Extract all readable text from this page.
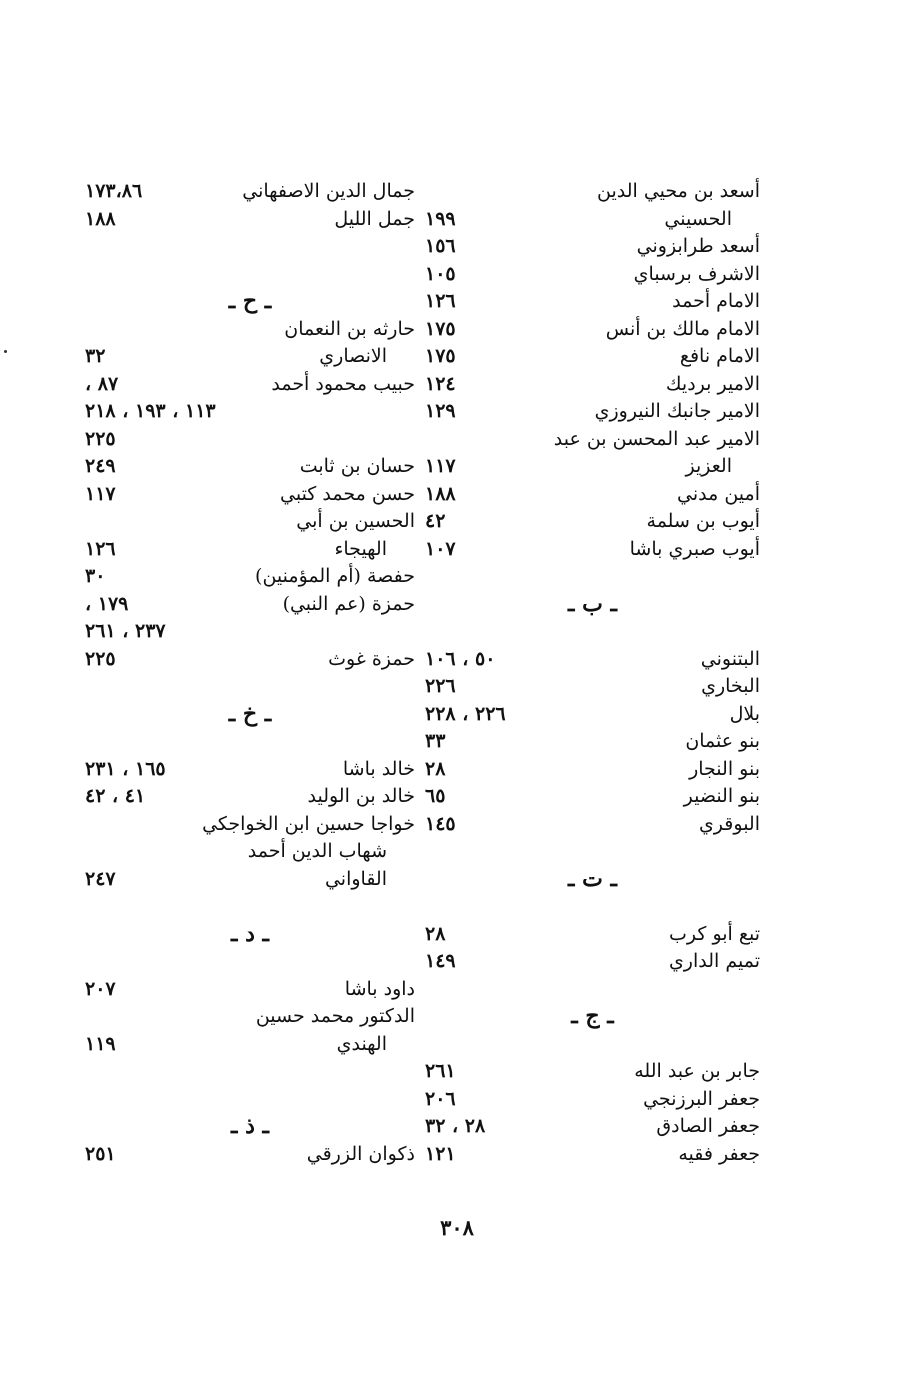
أسعد بن محيي الدين
الحسيني
١٩٩
أسعد طرابزوني
١٥٦
الاشرف برسباي
١٠٥
الامام أحمد
١٢٦
الامام مالك بن أنس
١٧٥
الامام نافع
١٧٥
الامير برديك
١٢٤
الامير جانبك النيروزي
١٢٩
الامير عبد المحسن بن عبد
العزيز
١١٧
أمين مدني
١٨٨
أيوب بن سلمة
٤٢
أيوب صبري باشا
١٠٧
ـ ب ـ
البتنوني
٥٠ ، ١٠٦
البخاري
٢٢٦
بلال
٢٢٦ ، ٢٢٨
بنو عثمان
٣٣
بنو النجار
٢٨
بنو النضير
٦٥
البوقري
١٤٥
ـ ت ـ
تبع أبو كرب
٢٨
تميم الداري
١٤٩
ـ ج ـ
جابر بن عبد الله
٢٦١
جعفر البرزنجي
٢٠٦
جعفر الصادق
٢٨ ، ٣٢
جعفر فقيه
١٢١
جمال الدين الاصفهاني
١٧٣،٨٦
جمل الليل
١٨٨
ـ ح ـ
حارثه بن النعمان
الانصاري
٣٢
حبيب محمود أحمد
٨٧ ،
١١٣ ، ١٩٣ ، ٢١٨
٢٢٥
حسان بن ثابت
٢٤٩
حسن محمد كتبي
١١٧
الحسين بن أبي
الهيجاء
١٢٦
حفصة (أم المؤمنين)
٣٠
حمزة (عم النبي)
١٧٩ ،
٢٣٧ ، ٢٦١
حمزة غوث
٢٢٥
ـ خ ـ
خالد باشا
١٦٥ ، ٢٣١
خالد بن الوليد
٤١ ، ٤٢
خواجا حسين ابن الخواجكي
شهاب الدين أحمد
القاواني
٢٤٧
ـ د ـ
داود باشا
٢٠٧
الدكتور محمد حسين
الهندي
١١٩
ـ ذ ـ
ذكوان الزرقي
٢٥١
٣٠٨
